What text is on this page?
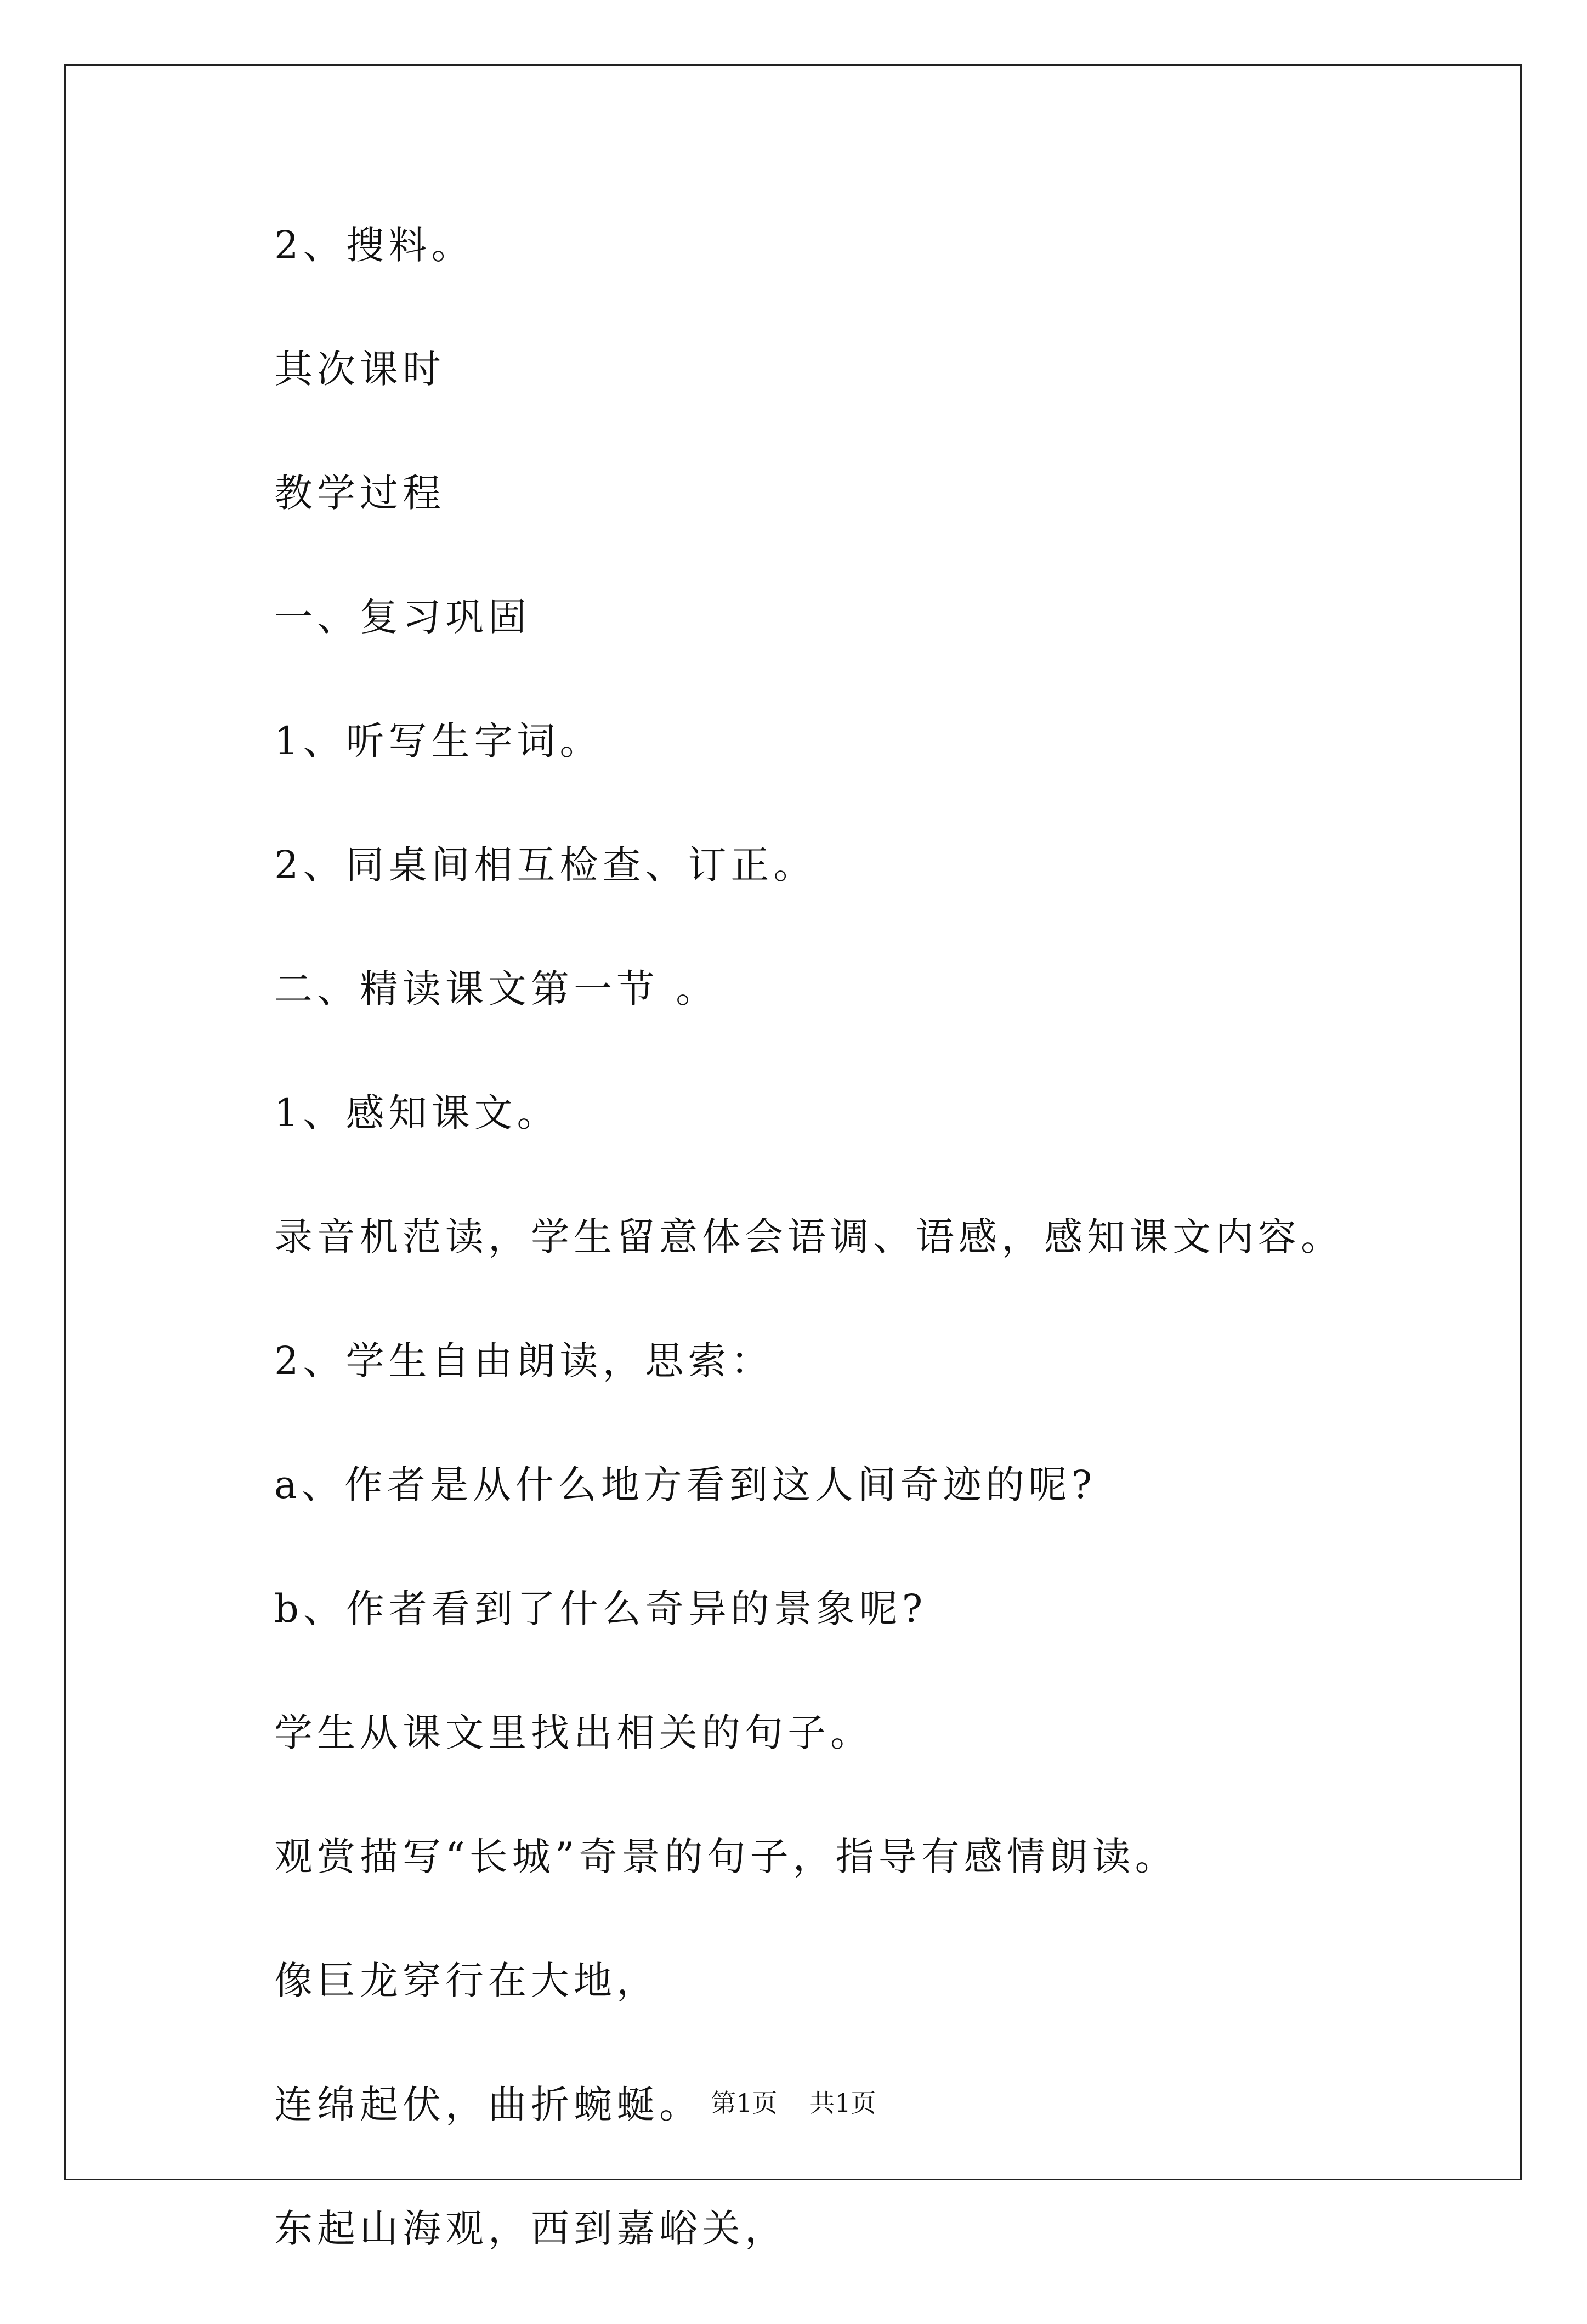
2、搜料。
其次课时
教学过程
一、复习巩固
1、听写生字词。
2、同桌间相互检查、订正。
二、精读课文第一节 。
1、感知课文。
录音机范读，学生留意体会语调、语感，感知课文内容。
2、学生自由朗读，思索：
a、作者是从什么地方看到这人间奇迹的呢?
b、作者看到了什么奇异的景象呢?
学生从课文里找出相关的句子。
观赏描写“长城”奇景的句子，指导有感情朗读。
像巨龙穿行在大地，
连绵起伏，曲折蜿蜒。
东起山海观，西到嘉峪关，
第1页 共1页
